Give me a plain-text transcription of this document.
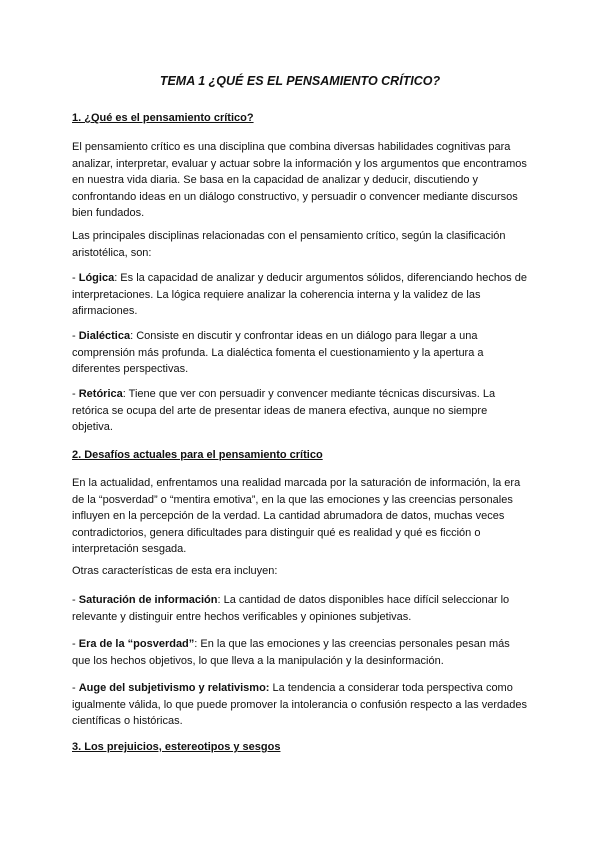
TEMA 1 ¿QUÉ ES EL PENSAMIENTO CRÍTICO?
1. ¿Qué es el pensamiento crítico?

El pensamiento crítico es una disciplina que combina diversas habilidades cognitivas para analizar, interpretar, evaluar y actuar sobre la información y los argumentos que encontramos en nuestra vida diaria. Se basa en la capacidad de analizar y deducir, discutiendo y confrontando ideas en un diálogo constructivo, y persuadir o convencer mediante discursos bien fundados.

Las principales disciplinas relacionadas con el pensamiento crítico, según la clasificación aristotélica, son:

- Lógica: Es la capacidad de analizar y deducir argumentos sólidos, diferenciando hechos de interpretaciones. La lógica requiere analizar la coherencia interna y la validez de las afirmaciones.

- Dialéctica: Consiste en discutir y confrontar ideas en un diálogo para llegar a una comprensión más profunda. La dialéctica fomenta el cuestionamiento y la apertura a diferentes perspectivas.

- Retórica: Tiene que ver con persuadir y convencer mediante técnicas discursivas. La retórica se ocupa del arte de presentar ideas de manera efectiva, aunque no siempre objetiva.

2. Desafíos actuales para el pensamiento crítico

En la actualidad, enfrentamos una realidad marcada por la saturación de información, la era de la “posverdad” o “mentira emotiva”, en la que las emociones y las creencias personales influyen en la percepción de la verdad. La cantidad abrumadora de datos, muchas veces contradictorios, genera dificultades para distinguir qué es realidad y qué es ficción o interpretación sesgada.

Otras características de esta era incluyen:

- Saturación de información: La cantidad de datos disponibles hace difícil seleccionar lo relevante y distinguir entre hechos verificables y opiniones subjetivas.

- Era de la “posverdad”: En la que las emociones y las creencias personales pesan más que los hechos objetivos, lo que lleva a la manipulación y la desinformación.

- Auge del subjetivismo y relativismo: La tendencia a considerar toda perspectiva como igualmente válida, lo que puede promover la intolerancia o confusión respecto a las verdades científicas o históricas.

3. Los prejuicios, estereotipos y sesgos
